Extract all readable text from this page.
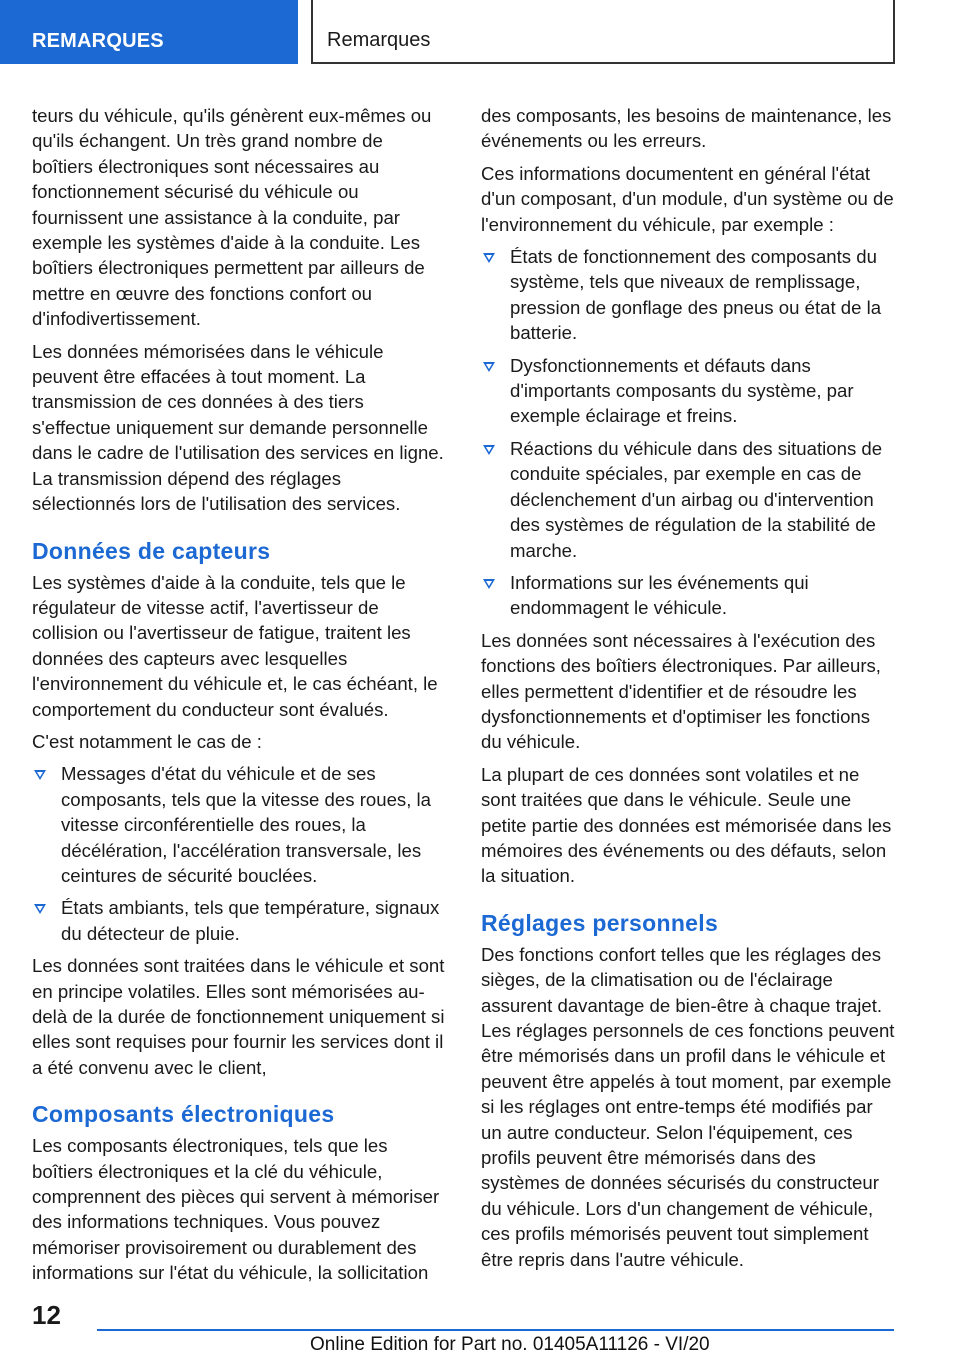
REMARQUES	Remarques

teurs du véhicule, qu'ils génèrent eux-mêmes ou qu'ils échangent. Un très grand nombre de boîtiers électroniques sont nécessaires au fonctionnement sécurisé du véhicule ou fournissent une assistance à la conduite, par exemple les systèmes d'aide à la conduite. Les boîtiers électroniques permettent par ailleurs de mettre en œuvre des fonctions confort ou d'infodivertissement.

Les données mémorisées dans le véhicule peuvent être effacées à tout moment. La transmission de ces données à des tiers s'effectue uniquement sur demande personnelle dans le cadre de l'utilisation des services en ligne. La transmission dépend des réglages sélectionnés lors de l'utilisation des services.

Données de capteurs

Les systèmes d'aide à la conduite, tels que le régulateur de vitesse actif, l'avertisseur de collision ou l'avertisseur de fatigue, traitent les données des capteurs avec lesquelles l'environnement du véhicule et, le cas échéant, le comportement du conducteur sont évalués.

C'est notamment le cas de :

Messages d'état du véhicule et de ses composants, tels que la vitesse des roues, la vitesse circonférentielle des roues, la décélération, l'accélération transversale, les ceintures de sécurité bouclées.
États ambiants, tels que température, signaux du détecteur de pluie.

Les données sont traitées dans le véhicule et sont en principe volatiles. Elles sont mémorisées au-delà de la durée de fonctionnement uniquement si elles sont requises pour fournir les services dont il a été convenu avec le client,

Composants électroniques

Les composants électroniques, tels que les boîtiers électroniques et la clé du véhicule, comprennent des pièces qui servent à mémoriser des informations techniques. Vous pouvez mémoriser provisoirement ou durablement des informations sur l'état du véhicule, la sollicitation

des composants, les besoins de maintenance, les événements ou les erreurs.

Ces informations documentent en général l'état d'un composant, d'un module, d'un système ou de l'environnement du véhicule, par exemple :

États de fonctionnement des composants du système, tels que niveaux de remplissage, pression de gonflage des pneus ou état de la batterie.
Dysfonctionnements et défauts dans d'importants composants du système, par exemple éclairage et freins.
Réactions du véhicule dans des situations de conduite spéciales, par exemple en cas de déclenchement d'un airbag ou d'intervention des systèmes de régulation de la stabilité de marche.
Informations sur les événements qui endommagent le véhicule.

Les données sont nécessaires à l'exécution des fonctions des boîtiers électroniques. Par ailleurs, elles permettent d'identifier et de résoudre les dysfonctionnements et d'optimiser les fonctions du véhicule.

La plupart de ces données sont volatiles et ne sont traitées que dans le véhicule. Seule une petite partie des données est mémorisée dans les mémoires des événements ou des défauts, selon la situation.

Réglages personnels

Des fonctions confort telles que les réglages des sièges, de la climatisation ou de l'éclairage assurent davantage de bien-être à chaque trajet. Les réglages personnels de ces fonctions peuvent être mémorisés dans un profil dans le véhicule et peuvent être appelés à tout moment, par exemple si les réglages ont entre-temps été modifiés par un autre conducteur. Selon l'équipement, ces profils peuvent être mémorisés dans des systèmes de données sécurisés du constructeur du véhicule. Lors d'un changement de véhicule, ces profils mémorisés peuvent tout simplement être repris dans l'autre véhicule.

12
Online Edition for Part no. 01405A11126 - VI/20
